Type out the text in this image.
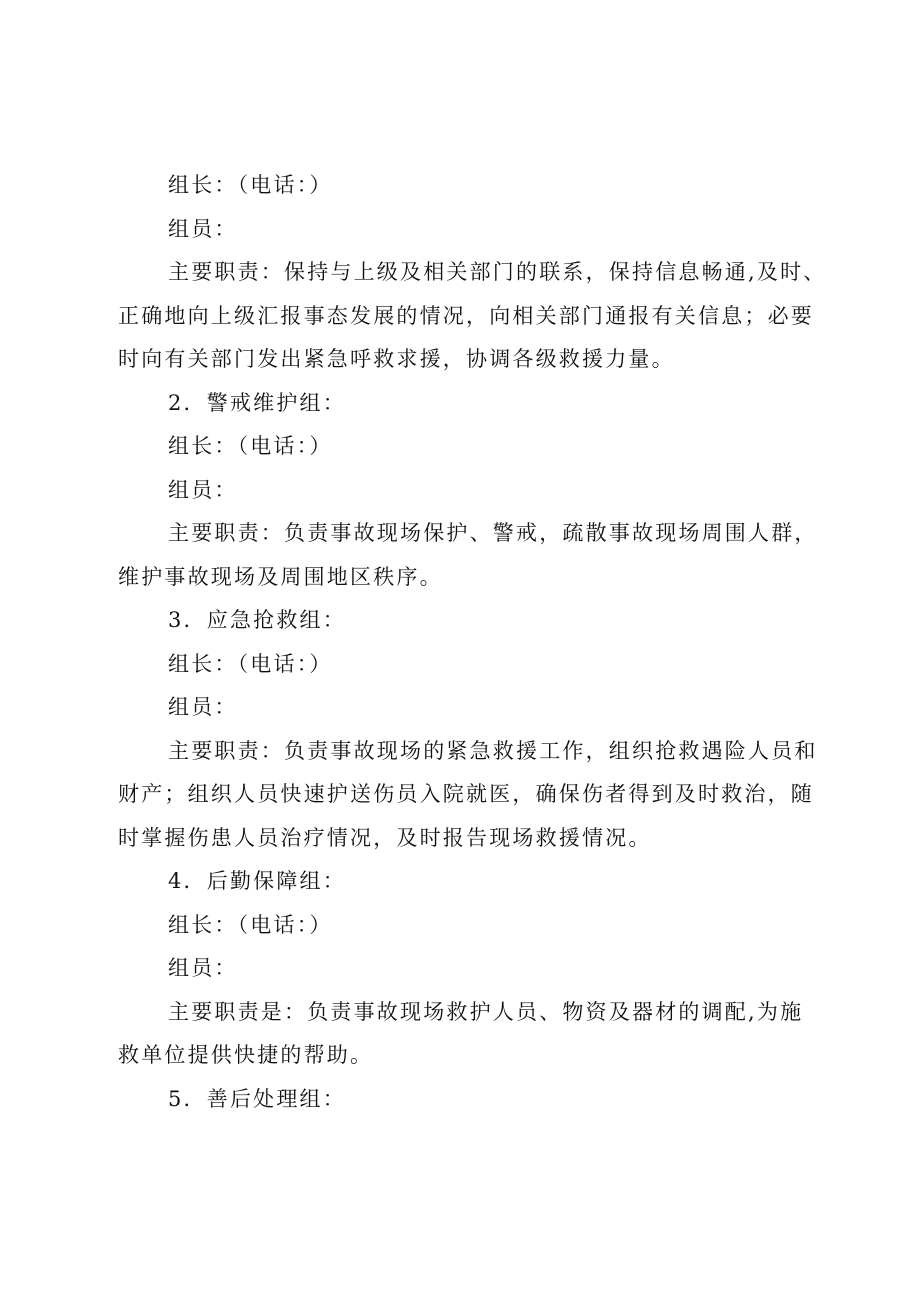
组长：（电话：）
组员：
主要职责：保持与上级及相关部门的联系，保持信息畅通,及时、
正确地向上级汇报事态发展的情况，向相关部门通报有关信息；必要
时向有关部门发出紧急呼救求援，协调各级救援力量。
2．警戒维护组：
组长：（电话：）
组员：
主要职责：负责事故现场保护、警戒，疏散事故现场周围人群，
维护事故现场及周围地区秩序。
3．应急抢救组：
组长：（电话：）
组员：
主要职责：负责事故现场的紧急救援工作，组织抢救遇险人员和
财产；组织人员快速护送伤员入院就医，确保伤者得到及时救治，随
时掌握伤患人员治疗情况，及时报告现场救援情况。
4．后勤保障组：
组长：（电话：）
组员：
主要职责是：负责事故现场救护人员、物资及器材的调配,为施
救单位提供快捷的帮助。
5．善后处理组：
